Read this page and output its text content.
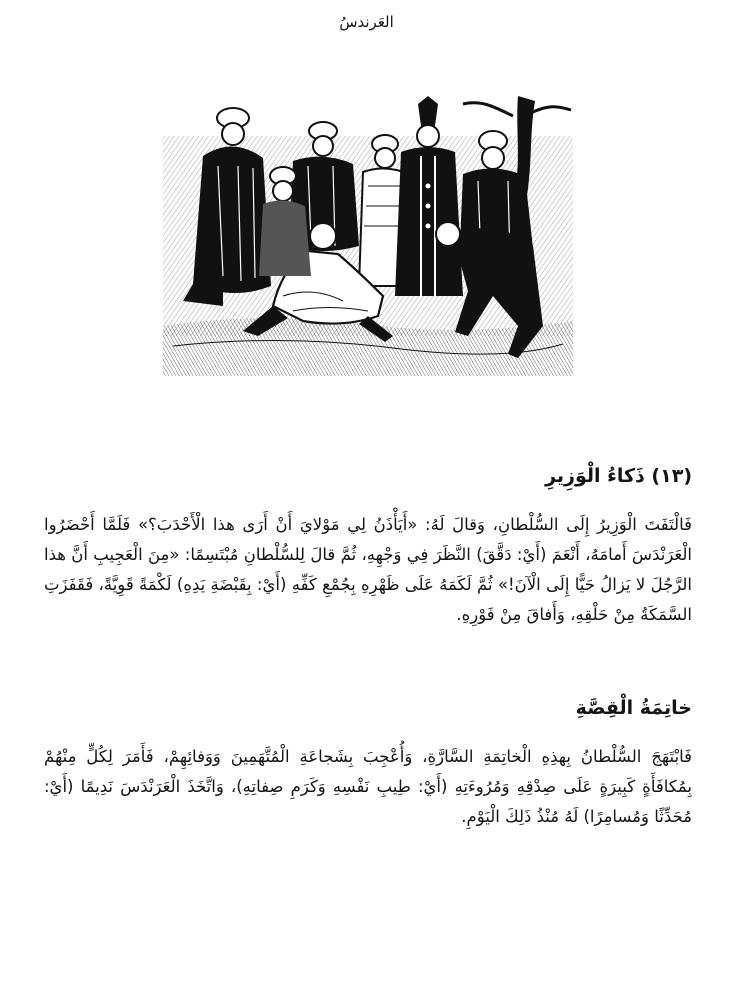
العَرندسُ
(١٣) ذَكاءُ الْوَزِيرِ

فَالْتَفَتَ الْوَزِيرُ إِلَى السُّلْطانِ، وَقالَ لَهُ: «أَيَأْذَنُ لِي مَوْلايَ أَنْ أَرَى هذا الْأَحْدَبَ؟» فَلَمَّا أَحْضَرُوا الْعَرَنْدَسَ أَمامَهُ، أَنْعَمَ (أَيْ: دَقَّقَ) النَّظَرَ فِي وَجْهِهِ، ثُمَّ قالَ لِلسُّلْطانِ مُبْتَسِمًا: «مِنَ الْعَجِيبِ أَنَّ هذا الرَّجُلَ لا يَزالُ حَيًّا إِلَى الْآنَ!» ثُمَّ لَكَمَهُ عَلَى ظَهْرِهِ بِجُمْعِ كَفِّهِ (أَيْ: بِقَبْضَةِ يَدِهِ) لَكْمَةً قَوِيَّةً، فَقَفَزَتِ السَّمَكَةُ مِنْ حَلْقِهِ، وَأَفاقَ مِنْ فَوْرِهِ.

خاتِمَةُ الْقِصَّةِ

فَابْتَهَجَ السُّلْطانُ بِهذِهِ الْخاتِمَةِ السَّارَّةِ، وَأُعْجِبَ بِشَجاعَةِ الْمُتَّهَمِينَ وَوَفائِهِمْ، فَأَمَرَ لِكُلٍّ مِنْهُمْ بِمُكافَأَةٍ كَبِيرَةٍ عَلَى صِدْقِهِ وَمُرُوءَتِهِ (أَيْ: طِيبِ نَفْسِهِ وَكَرَمِ صِفاتِهِ)، وَاتَّخَذَ الْعَرَنْدَسَ نَدِيمًا (أَيْ: مُحَدِّثًا وَمُسامِرًا) لَهُ مُنْذُ ذَلِكَ الْيَوْمِ.
